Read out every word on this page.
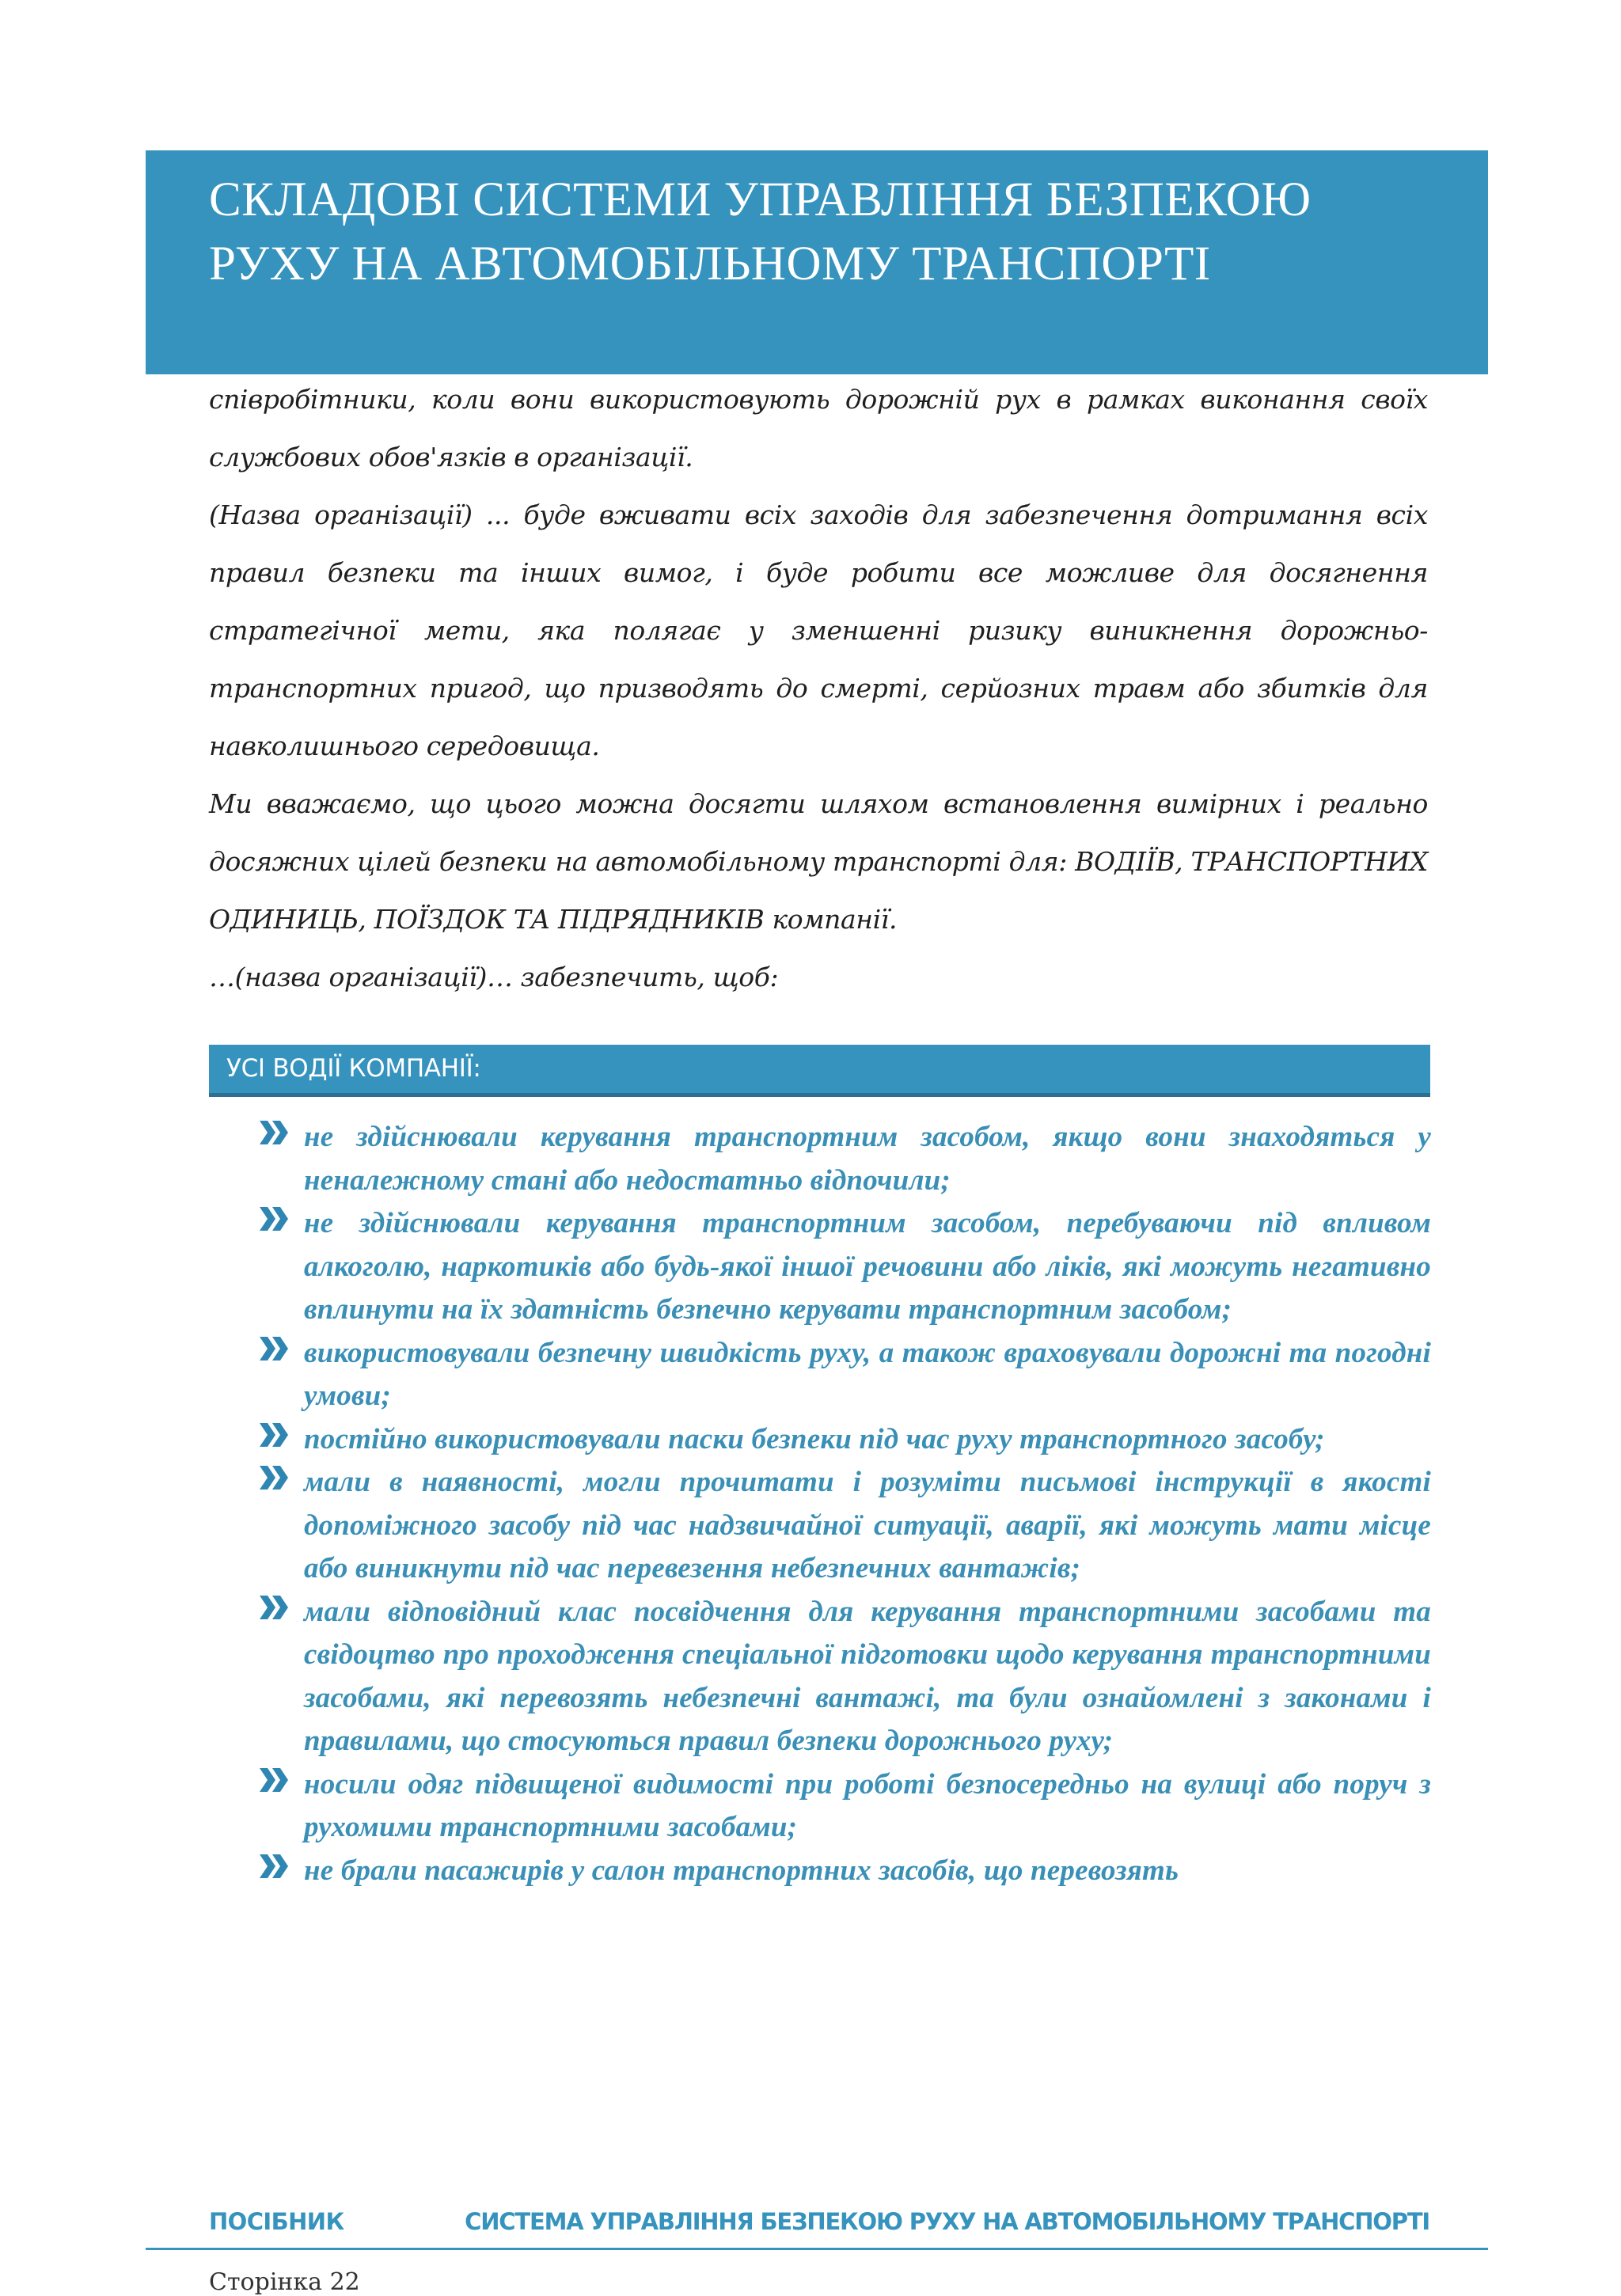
СКЛАДОВІ СИСТЕМИ УПРАВЛІННЯ БЕЗПЕКОЮ РУХУ НА АВТОМОБІЛЬНОМУ ТРАНСПОРТІ

співробітники, коли вони використовують дорожній рух в рамках виконання своїх службових обов'язків в організації.

(Назва організації) ... буде вживати всіх заходів для забезпечення дотримання всіх правил безпеки та інших вимог, і буде робити все можливе для досягнення стратегічної мети, яка полягає у зменшенні ризику виникнення дорожньо-транспортних пригод, що призводять до смерті, серйозних травм або збитків для навколишнього середовища.

Ми вважаємо, що цього можна досягти шляхом встановлення вимірних і реально досяжних цілей безпеки на автомобільному транспорті для: ВОДІЇВ, ТРАНСПОРТНИХ ОДИНИЦЬ, ПОЇЗДОК ТА ПІДРЯДНИКІВ компанії.

…(назва організації)… забезпечить, щоб:

УСІ ВОДІЇ КОМПАНІЇ:
не здійснювали керування транспортним засобом, якщо вони знаходяться у неналежному стані або недостатньо відпочили;
не здійснювали керування транспортним засобом, перебуваючи під впливом алкоголю, наркотиків або будь-якої іншої речовини або ліків, які можуть негативно вплинути на їх здатність безпечно керувати транспортним засобом;
використовували безпечну швидкість руху, а також враховували дорожні та погодні умови;
постійно використовували паски безпеки під час руху транспортного засобу;
мали в наявності, могли прочитати і розуміти письмові інструкції в якості допоміжного засобу під час надзвичайної ситуації, аварії, які можуть мати місце або виникнути під час перевезення небезпечних вантажів;
мали відповідний клас посвідчення для керування транспортними засобами та свідоцтво про проходження спеціальної підготовки щодо керування транспортними засобами, які перевозять небезпечні вантажі, та були ознайомлені з законами і правилами, що стосуються правил безпеки дорожнього руху;
носили одяг підвищеної видимості при роботі безпосередньо на вулиці або поруч з рухомими транспортними засобами;
не брали пасажирів у салон транспортних засобів, що перевозять
ПОСІБНИК	СИСТЕМА УПРАВЛІННЯ БЕЗПЕКОЮ РУХУ НА АВТОМОБІЛЬНОМУ ТРАНСПОРТІ
Сторінка 22
